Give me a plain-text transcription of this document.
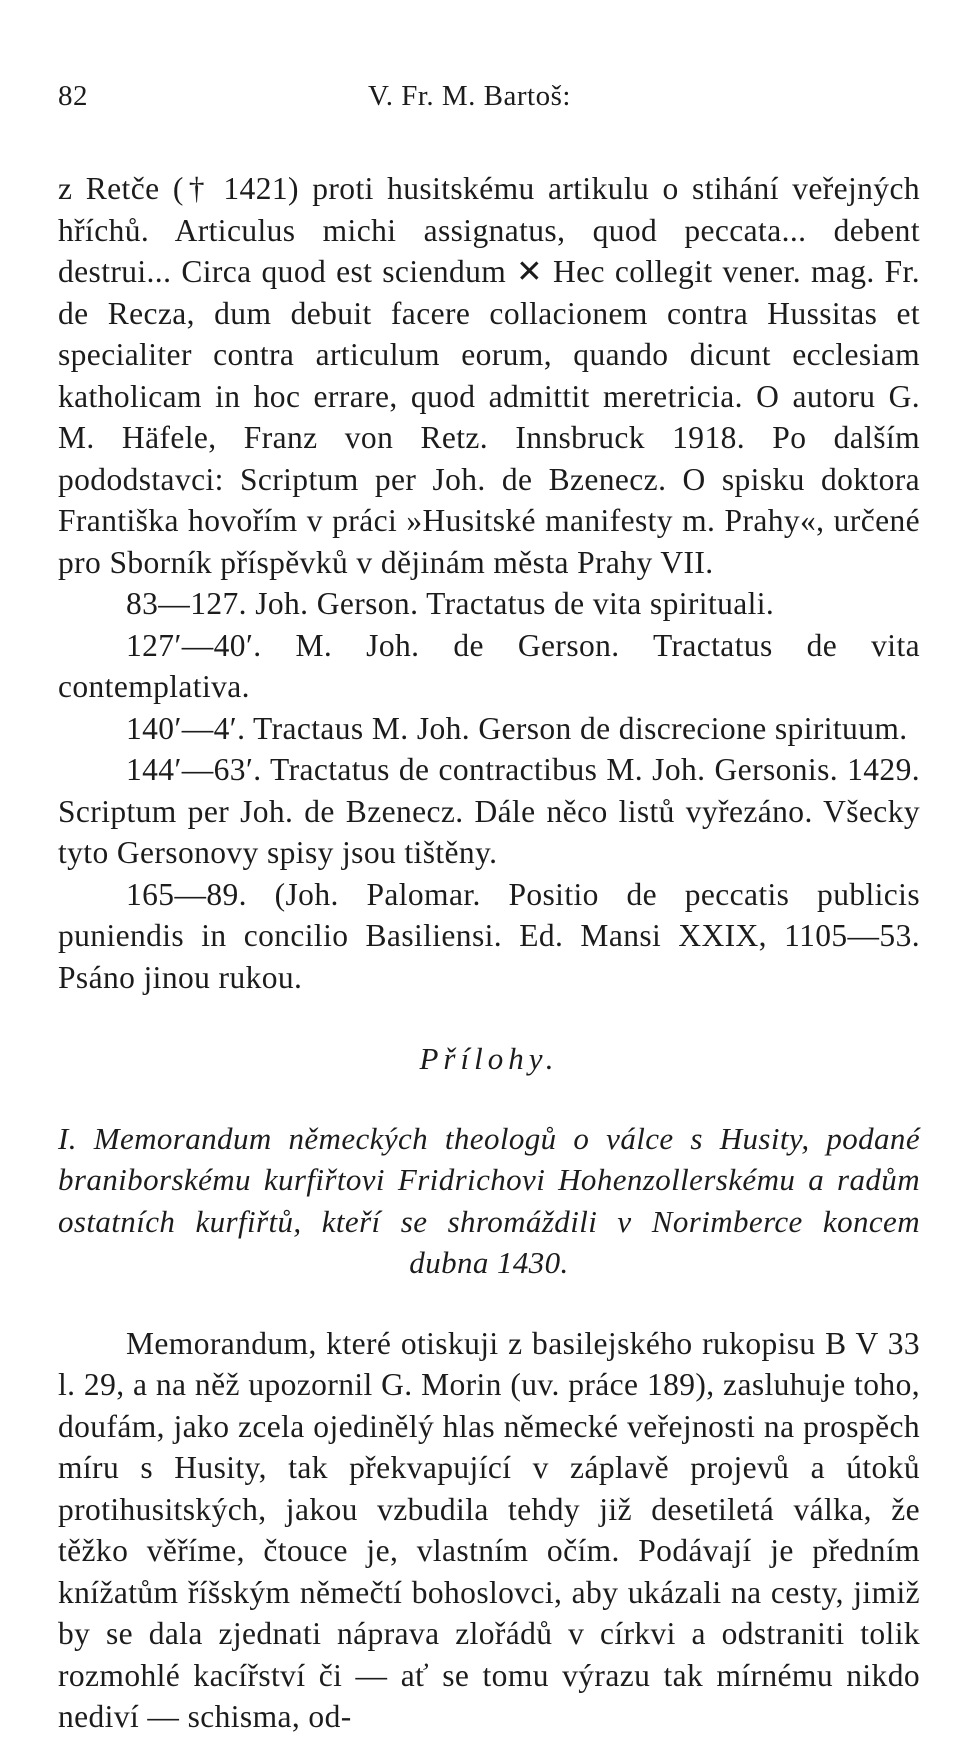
82	V. Fr. M. Bartoš:

z Retče († 1421) proti husitskému artikulu o stihání veřejných hříchů. Articulus michi assignatus, quod peccata... debent destrui... Circa quod est sciendum ✕ Hec collegit vener. mag. Fr. de Recza, dum debuit facere collacionem contra Hussitas et specialiter contra articulum eorum, quando dicunt ecclesiam katholicam in hoc errare, quod admittit meretricia. O autoru G. M. Häfele, Franz von Retz. Innsbruck 1918. Po dalším pododstavci: Scriptum per Joh. de Bzenecz. O spisku doktora Františka hovořím v práci »Husitské manifesty m. Prahy«, určené pro Sborník příspěvků v dějinám města Prahy VII.

83—127. Joh. Gerson. Tractatus de vita spirituali.

127′—40′. M. Joh. de Gerson. Tractatus de vita contemplativa.

140′—4′. Tractaus M. Joh. Gerson de discrecione spirituum.

144′—63′. Tractatus de contractibus M. Joh. Gersonis. 1429. Scriptum per Joh. de Bzenecz. Dále něco listů vyřezáno. Všecky tyto Gersonovy spisy jsou tištěny.

165—89. (Joh. Palomar. Positio de peccatis publicis puniendis in concilio Basiliensi. Ed. Mansi XXIX, 1105—53. Psáno jinou rukou.

Přílohy.

I. Memorandum německých theologů o válce s Husity, podané braniborskému kurfiřtovi Fridrichovi Hohenzollerskému a radům ostatních kurfiřtů, kteří se shromáždili v Norimberce koncem dubna 1430.

Memorandum, které otiskuji z basilejského rukopisu B V 33 l. 29, a na něž upozornil G. Morin (uv. práce 189), zasluhuje toho, doufám, jako zcela ojedinělý hlas německé veřejnosti na prospěch míru s Husity, tak překvapující v záplavě projevů a útoků protihusitských, jakou vzbudila tehdy již desetiletá válka, že těžko věříme, čtouce je, vlastním očím. Podávají je předním knížatům říšským němečtí bohoslovci, aby ukázali na cesty, jimiž by se dala zjednati náprava zlořádů v církvi a odstraniti tolik rozmohlé kacířství či — ať se tomu výrazu tak mírnému nikdo nediví — schisma, od-
